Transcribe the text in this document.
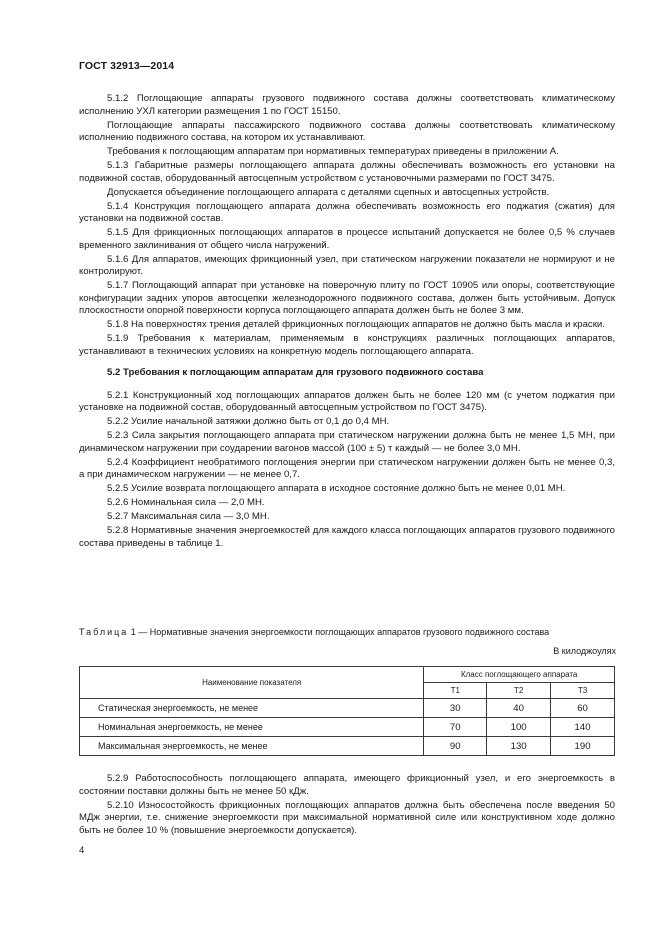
ГОСТ 32913—2014

5.1.2 Поглощающие аппараты грузового подвижного состава должны соответствовать климатическому исполнению УХЛ категории размещения 1 по ГОСТ 15150.

Поглощающие аппараты пассажирского подвижного состава должны соответствовать климатическому исполнению подвижного состава, на котором их устанавливают.

Требования к поглощающим аппаратам при нормативных температурах приведены в приложении А.

5.1.3 Габаритные размеры поглощающего аппарата должны обеспечивать возможность его установки на подвижной состав, оборудованный автосцепным устройством с установочными размерами по ГОСТ 3475.

Допускается объединение поглощающего аппарата с деталями сцепных и автосцепных устройств.

5.1.4 Конструкция поглощающего аппарата должна обеспечивать возможность его поджатия (сжатия) для установки на подвижной состав.

5.1.5 Для фрикционных поглощающих аппаратов в процессе испытаний допускается не более 0,5 % случаев временного заклинивания от общего числа нагружений.

5.1.6 Для аппаратов, имеющих фрикционный узел, при статическом нагружении показатели не нормируют и не контролируют.

5.1.7 Поглощающий аппарат при установке на поверочную плиту по ГОСТ 10905 или опоры, соответствующие конфигурации задних упоров автосцепки железнодорожного подвижного состава, должен быть устойчивым. Допуск плоскостности опорной поверхности корпуса поглощающего аппарата должен быть не более 3 мм.

5.1.8 На поверхностях трения деталей фрикционных поглощающих аппаратов не должно быть масла и краски.

5.1.9 Требования к материалам, применяемым в конструкциях различных поглощающих аппаратов, устанавливают в технических условиях на конкретную модель поглощающего аппарата.

5.2 Требования к поглощающим аппаратам для грузового подвижного состава

5.2.1 Конструкционный ход поглощающих аппаратов должен быть не более 120 мм (с учетом поджатия при установке на подвижной состав, оборудованный автосцепным устройством по ГОСТ 3475).

5.2.2 Усилие начальной затяжки должно быть от 0,1 до 0,4 МН.

5.2.3 Сила закрытия поглощающего аппарата при статическом нагружении должна быть не менее 1,5 МН, при динамическом нагружении при соударении вагонов массой (100 ± 5) т каждый — не более 3,0 МН.

5.2.4 Коэффициент необратимого поглощения энергии при статическом нагружении должен быть не менее 0,3, а при динамическом нагружении — не менее 0,7.

5.2.5 Усилие возврата поглощающего аппарата в исходное состояние должно быть не менее 0,01 МН.

5.2.6 Номинальная сила — 2,0 МН.

5.2.7 Максимальная сила — 3,0 МН.

5.2.8 Нормативные значения энергоемкостей для каждого класса поглощающих аппаратов грузового подвижного состава приведены в таблице 1.

Таблица 1 — Нормативные значения энергоемкости поглощающих аппаратов грузового подвижного состава
В килоджоулях
Наименование показателя	Класс поглощающего аппарата		
	Т1	Т2	Т3
Статическая энергоемкость, не менее	30	40	60
Номинальная энергоемкость, не менее	70	100	140
Максимальная энергоемкость, не менее	90	130	190

5.2.9 Работоспособность поглощающего аппарата, имеющего фрикционный узел, и его энергоемкость в состоянии поставки должны быть не менее 50 кДж.

5.2.10 Износостойкость фрикционных поглощающих аппаратов должна быть обеспечена после введения 50 МДж энергии, т.е. снижение энергоемкости при максимальной нормативной силе или конструктивном ходе должно быть не более 10 % (повышение энергоемкости допускается).

4
